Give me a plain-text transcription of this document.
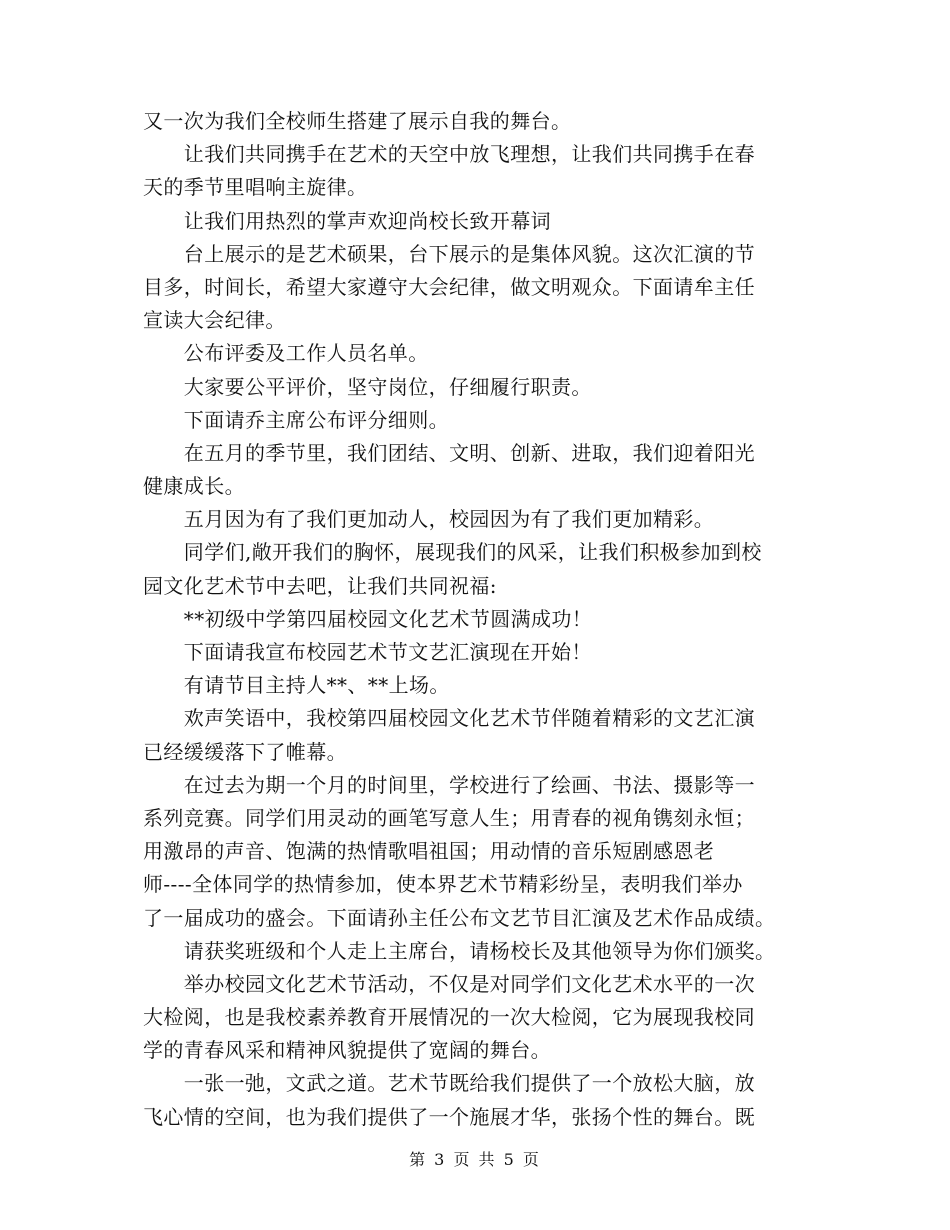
又一次为我们全校师生搭建了展示自我的舞台。
　　让我们共同携手在艺术的天空中放飞理想，让我们共同携手在春
天的季节里唱响主旋律。
　　让我们用热烈的掌声欢迎尚校长致开幕词
　　台上展示的是艺术硕果，台下展示的是集体风貌。这次汇演的节
目多，时间长，希望大家遵守大会纪律，做文明观众。下面请牟主任
宣读大会纪律。
　　公布评委及工作人员名单。
　　大家要公平评价，坚守岗位，仔细履行职责。
　　下面请乔主席公布评分细则。
　　在五月的季节里，我们团结、文明、创新、进取，我们迎着阳光
健康成长。
　　五月因为有了我们更加动人，校园因为有了我们更加精彩。
　　同学们,敞开我们的胸怀，展现我们的风采，让我们积极参加到校
园文化艺术节中去吧，让我们共同祝福:
　　**初级中学第四届校园文化艺术节圆满成功！
　　下面请我宣布校园艺术节文艺汇演现在开始！
　　有请节目主持人**、**上场。
　　欢声笑语中，我校第四届校园文化艺术节伴随着精彩的文艺汇演
已经缓缓落下了帷幕。
　　在过去为期一个月的时间里，学校进行了绘画、书法、摄影等一
系列竞赛。同学们用灵动的画笔写意人生；用青春的视角镌刻永恒；
用激昂的声音、饱满的热情歌唱祖国；用动情的音乐短剧感恩老
师----全体同学的热情参加，使本界艺术节精彩纷呈，表明我们举办
了一届成功的盛会。下面请孙主任公布文艺节目汇演及艺术作品成绩。
　　请获奖班级和个人走上主席台，请杨校长及其他领导为你们颁奖。
　　举办校园文化艺术节活动，不仅是对同学们文化艺术水平的一次
大检阅，也是我校素养教育开展情况的一次大检阅，它为展现我校同
学的青春风采和精神风貌提供了宽阔的舞台。
　　一张一弛，文武之道。艺术节既给我们提供了一个放松大脑，放
飞心情的空间，也为我们提供了一个施展才华，张扬个性的舞台。既
第 3 页 共 5 页
